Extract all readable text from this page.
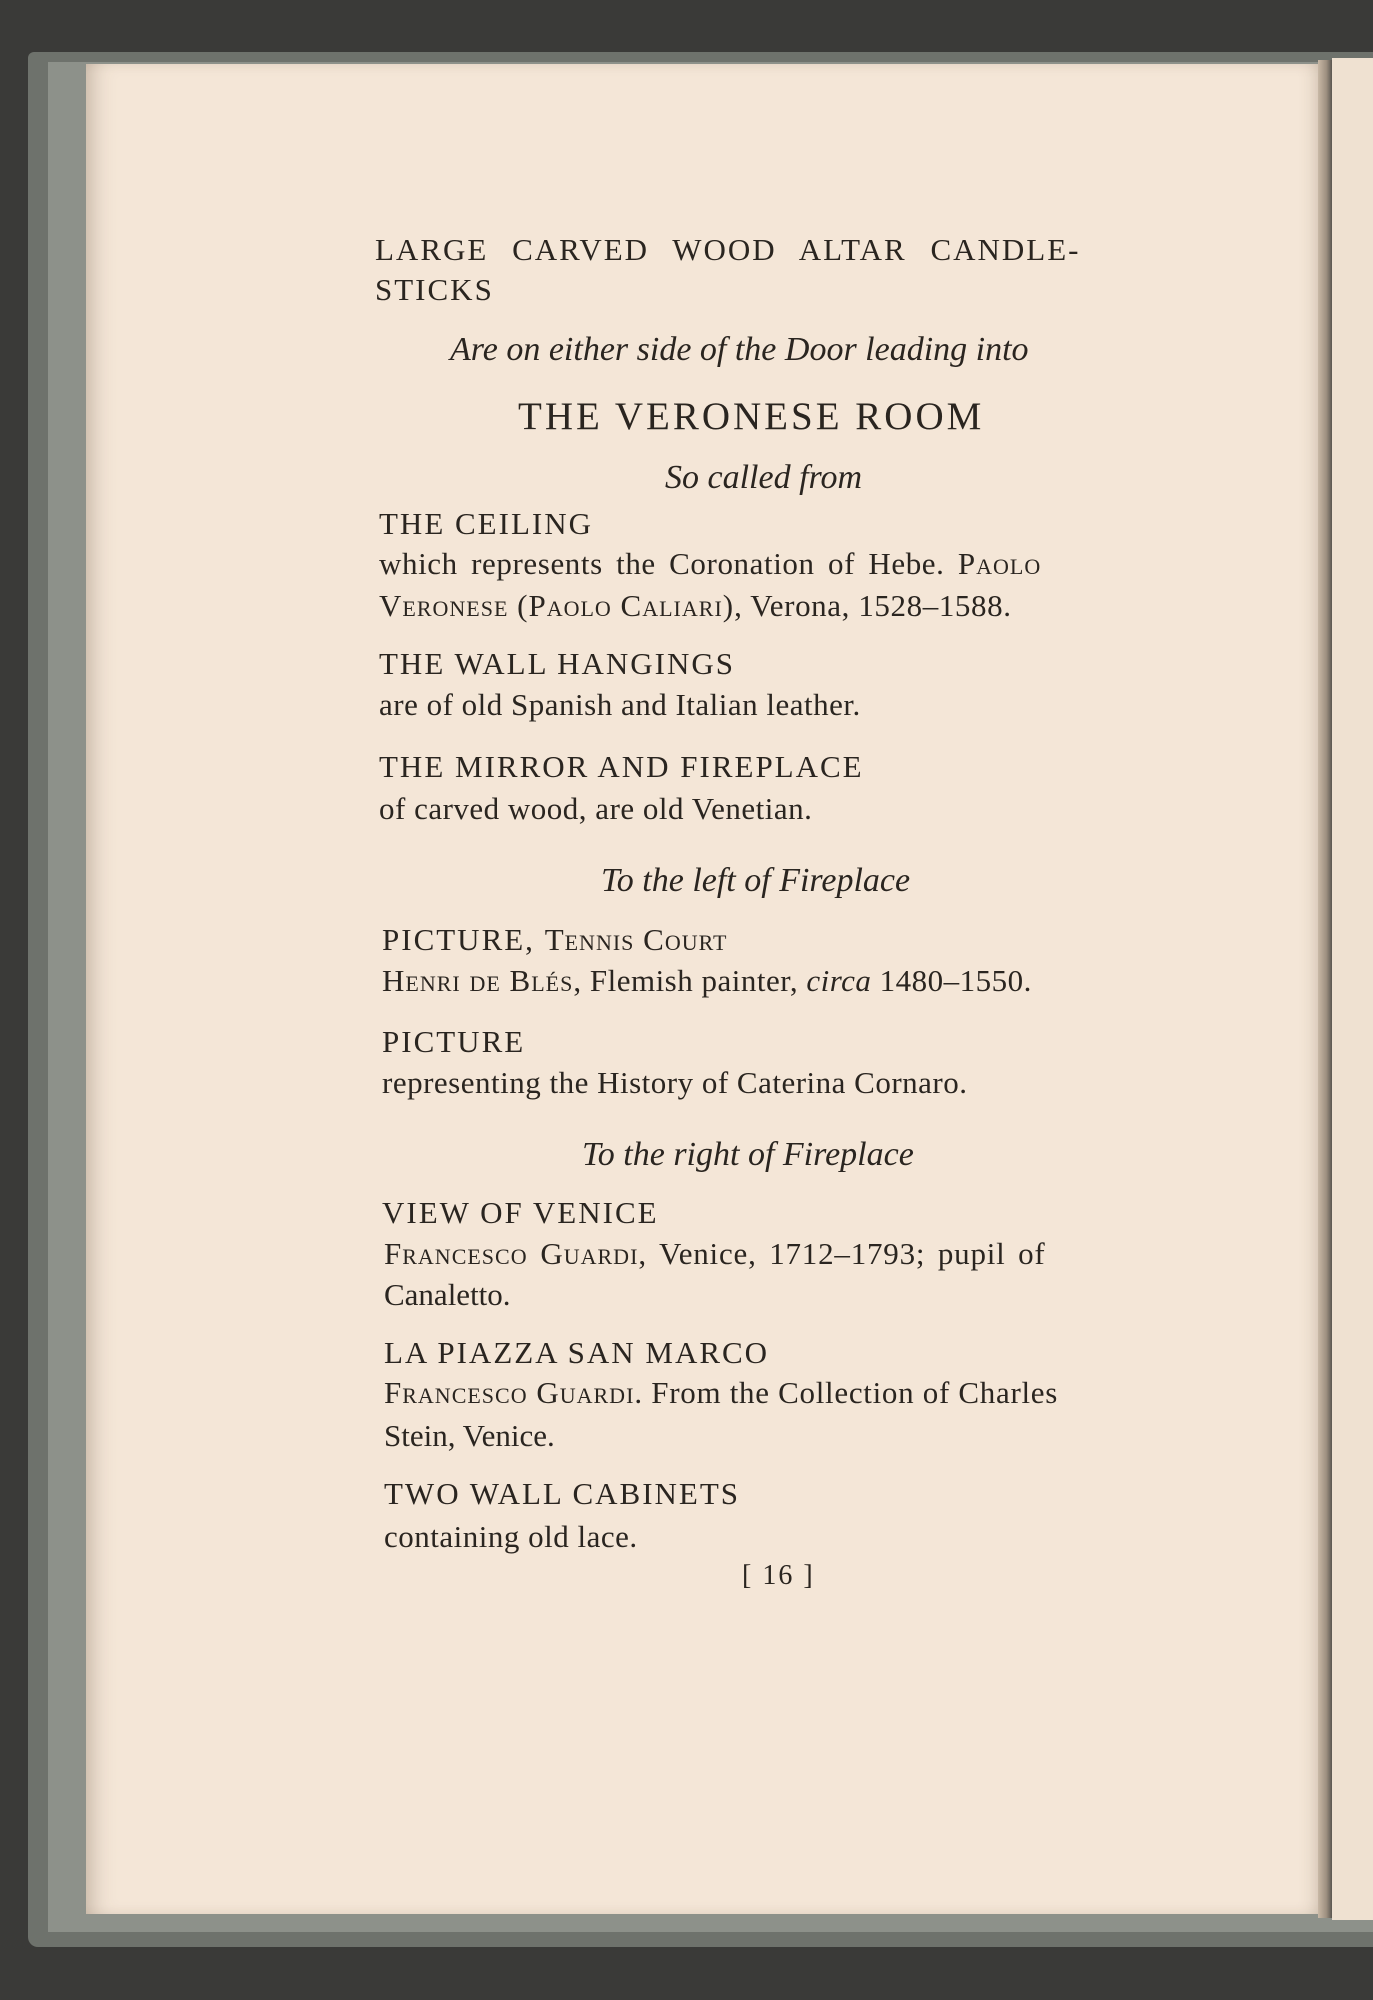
LARGE CARVED WOOD ALTAR CANDLE-
STICKS
Are on either side of the Door leading into
THE VERONESE ROOM
So called from
THE CEILING
which represents the Coronation of Hebe. Paolo
Veronese (Paolo Caliari), Verona, 1528–1588.
THE WALL HANGINGS
are of old Spanish and Italian leather.
THE MIRROR AND FIREPLACE
of carved wood, are old Venetian.
To the left of Fireplace
PICTURE, Tennis Court
Henri de Blés, Flemish painter, circa 1480–1550.
PICTURE
representing the History of Caterina Cornaro.
To the right of Fireplace
VIEW OF VENICE
Francesco Guardi, Venice, 1712–1793; pupil of
Canaletto.
LA PIAZZA SAN MARCO
Francesco Guardi. From the Collection of Charles
Stein, Venice.
TWO WALL CABINETS
containing old lace.
[ 16 ]
